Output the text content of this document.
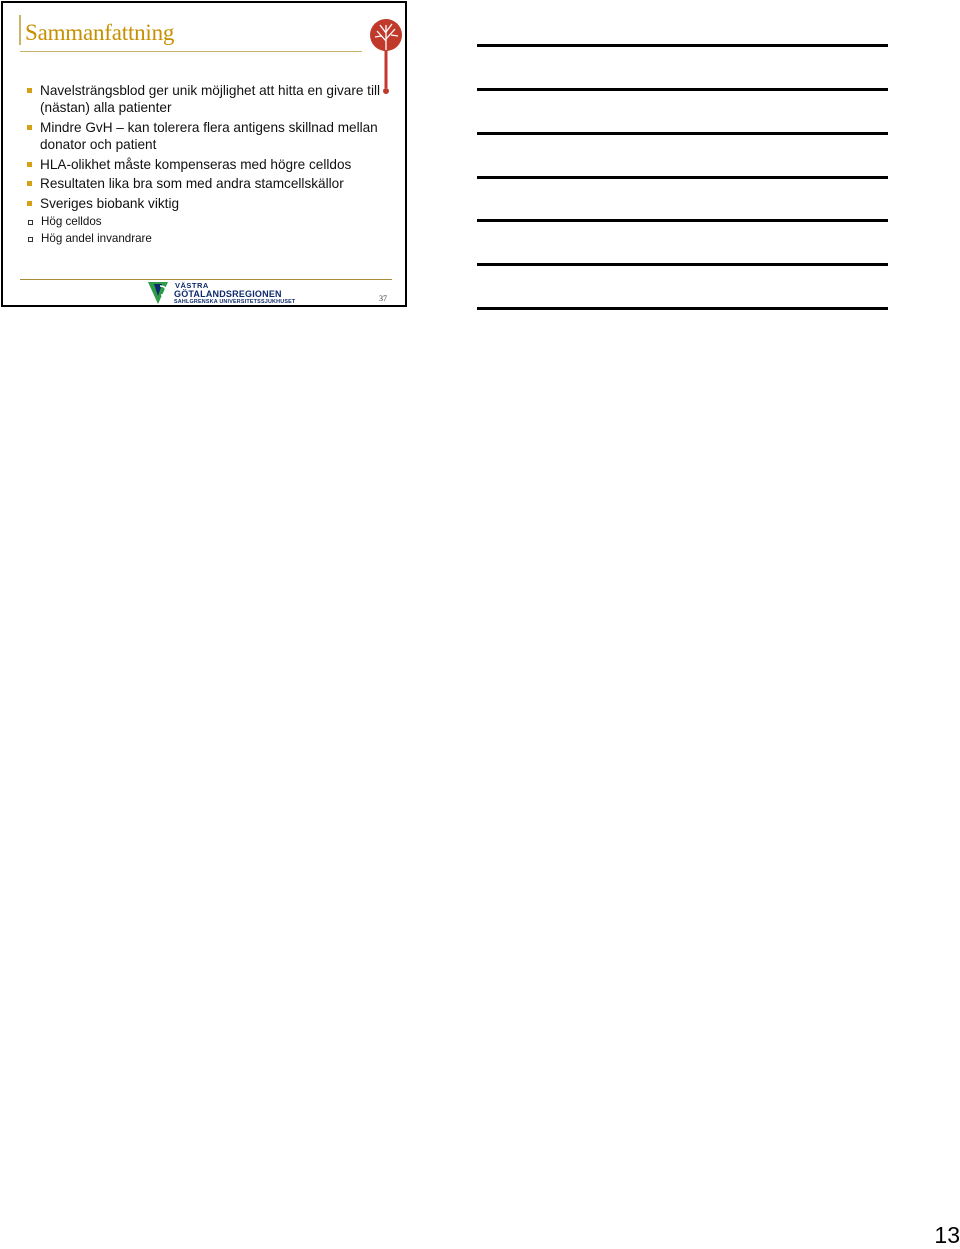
Sammanfattning
Navelsträngsblod ger unik möjlighet att hitta en givare till (nästan) alla patienter
Mindre GvH – kan tolerera flera antigens skillnad mellan donator och patient
HLA-olikhet måste kompenseras med högre celldos
Resultaten lika bra som med andra stamcellskällor
Sveriges biobank viktig
Hög celldos
Hög andel invandrare
VÄSTRA
GÖTALANDSREGIONEN
SAHLGRENSKA UNIVERSITETSSJUKHUSET	37
13
